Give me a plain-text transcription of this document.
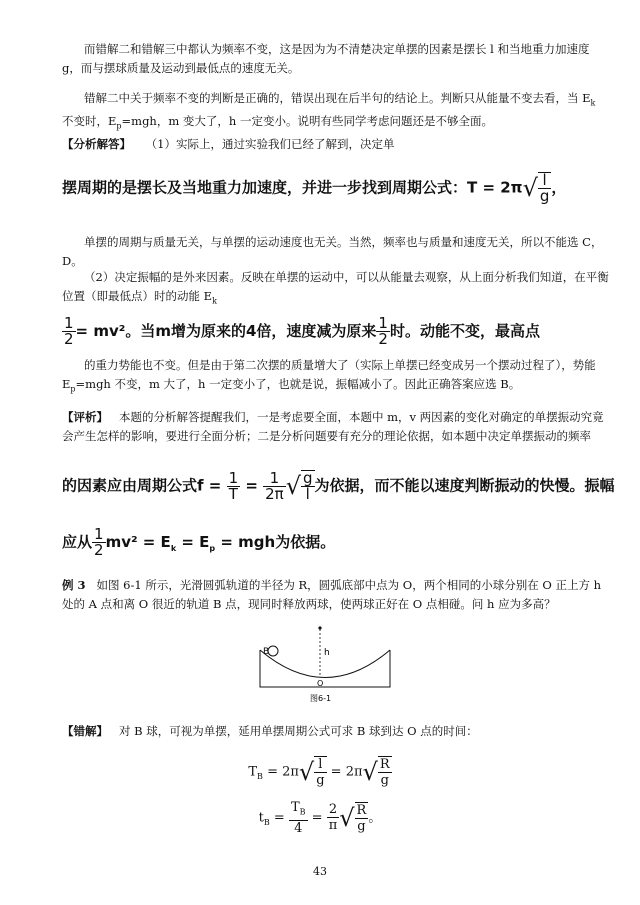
而错解二和错解三中都认为频率不变，这是因为为不清楚决定单摆的因素是摆长 l 和当地重力加速度 g，而与摆球质量及运动到最低点的速度无关。

错解二中关于频率不变的判断是正确的，错误出现在后半句的结论上。判断只从能量不变去看，当 $E_k$ 不变时，$E_p=mgh$，m 变大了，h 一定变小。说明有些同学考虑问题还是不够全面。

【分析解答】 （1）实际上，通过实验我们已经了解到，决定单

摆周期的是摆长及当地重力加速度，并进一步找到周期公式：$T = 2\pi√ \frac{l}{g}$ ，

单摆的周期与质量无关，与单摆的运动速度也无关。当然，频率也与质量和速度无关，所以不能选 C，D。

（2）决定振幅的是外来因素。反映在单摆的运动中，可以从能量去观察，从上面分析我们知道，在平衡位置（即最低点）时的动能 $E_k$

$\frac{1}{2} = mv^2$。当m增为原来的4倍，速度减为原来 $\frac{1}{2}$ 时。动能不变，最高点

的重力势能也不变。但是由于第二次摆的质量增大了（实际上单摆已经变成另一个摆动过程了），势能 $E_p=mgh$ 不变，m 大了，h 一定变小了，也就是说，振幅减小了。因此正确答案应选 B。

【评析】 本题的分析解答提醒我们，一是考虑要全面，本题中 m，v 两因素的变化对确定的单摆振动究竟会产生怎样的影响，要进行全面分析；二是分析问题要有充分的理论依据，如本题中决定单摆振动的频率

的因素应由周期公式$f = \frac{1}{T} = \frac{1}{2\pi}$ √ $\frac{g}{l}$ 为依据，而不能以速度判断振动的快慢。振幅
应从 $\frac{1}{2} mv^2 = E_k = E_p$ = mgh为依据。

例 3 如图 6-1 所示，光滑圆弧轨道的半径为 R，圆弧底部中点为 O，两个相同的小球分别在 O 正上方 h 处的 A 点和离 O 很近的轨道 B 点，现同时释放两球，使两球正好在 O 点相碰。问 h 应为多高？

B	h
O
图6-1

【错解】 对 B 球，可视为单摆，延用单摆周期公式可求 B 球到达 O 点的时间：

$T_B = 2\pi√ \frac{l}{g} = 2\pi√ \frac{R}{g}$
$t_B = \frac{T_B}{4} = \frac{2}{\pi}$ √ $\frac{R}{g}$ 。
43
